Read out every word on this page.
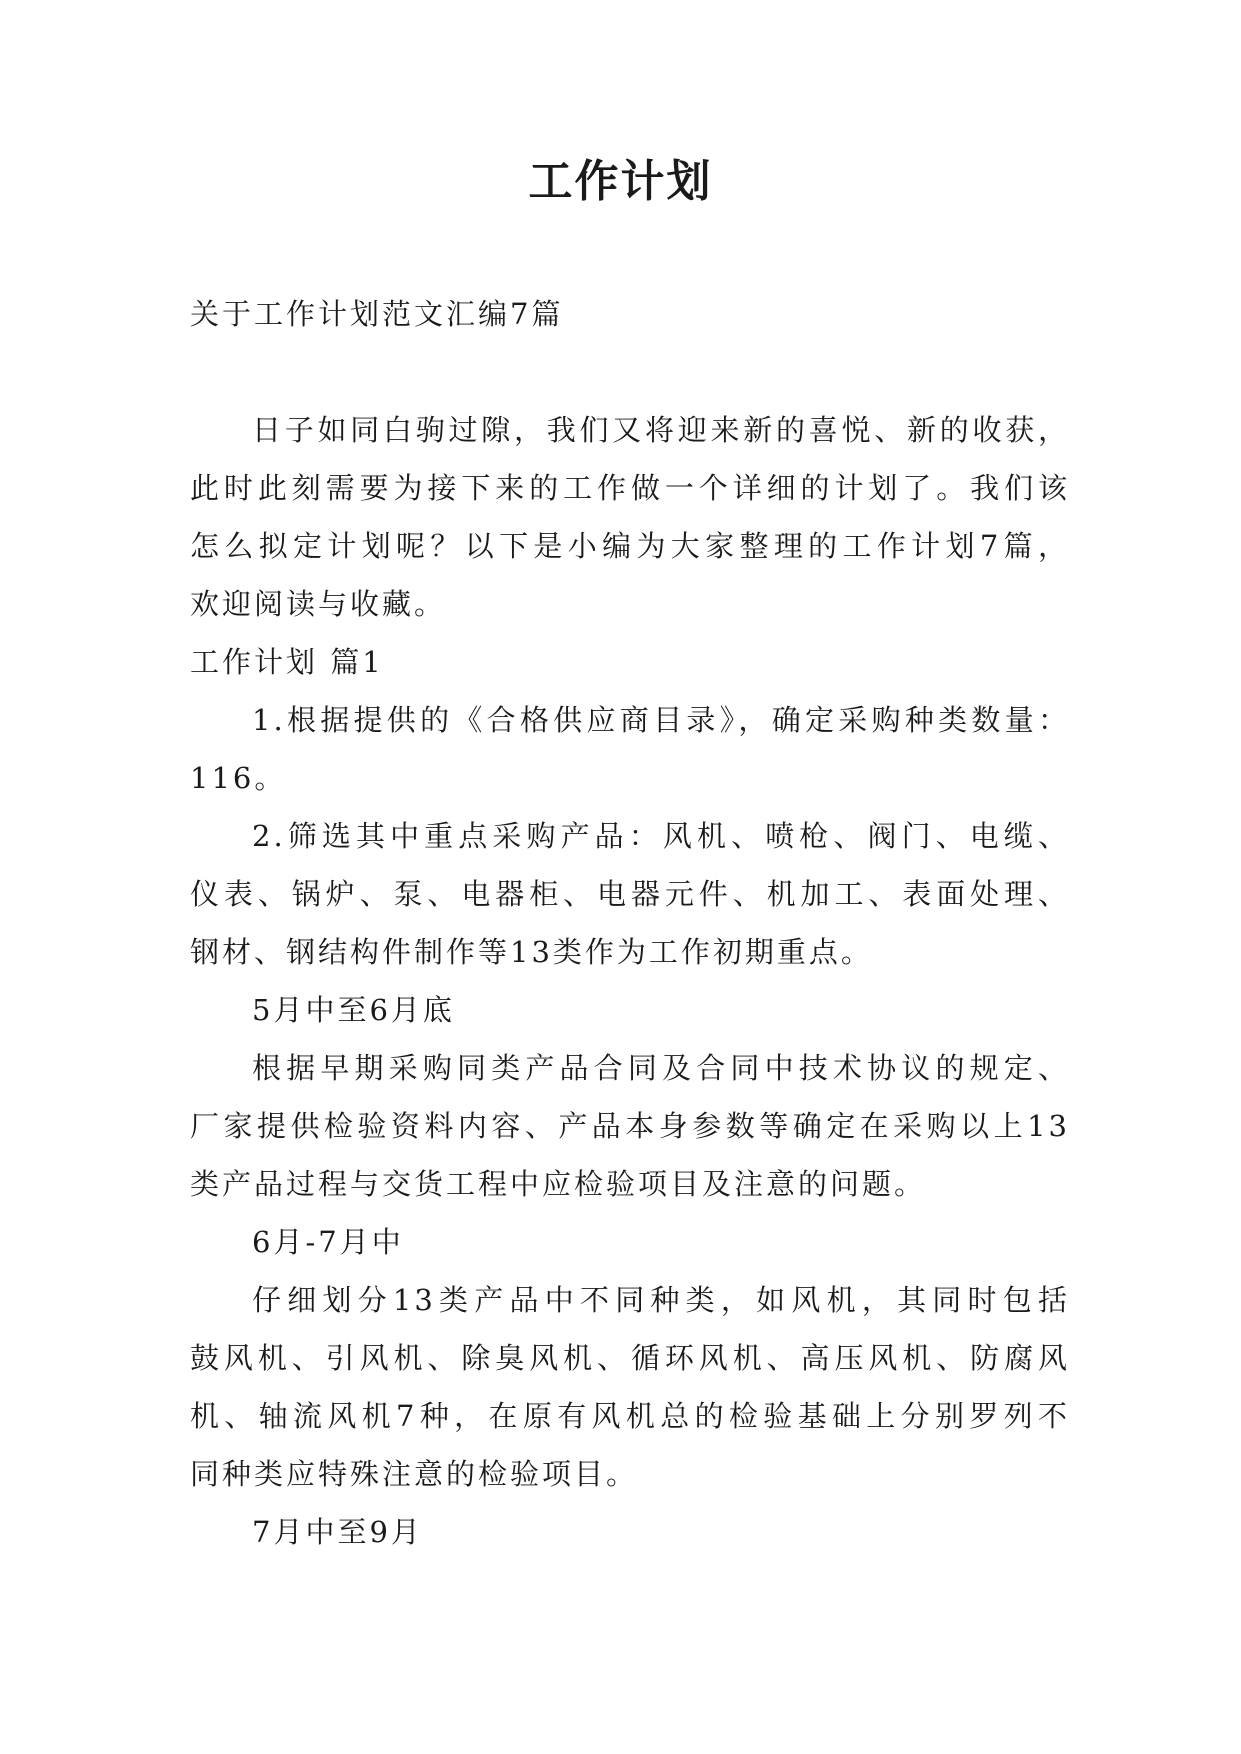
工作计划
关于工作计划范文汇编7篇
日子如同白驹过隙，我们又将迎来新的喜悦、新的收获，
此时此刻需要为接下来的工作做一个详细的计划了。我们该
怎么拟定计划呢？以下是小编为大家整理的工作计划7篇，
欢迎阅读与收藏。
工作计划 篇1
1.根据提供的《合格供应商目录》，确定采购种类数量：
116。
2.筛选其中重点采购产品：风机、喷枪、阀门、电缆、
仪表、锅炉、泵、电器柜、电器元件、机加工、表面处理、
钢材、钢结构件制作等13类作为工作初期重点。
5月中至6月底
根据早期采购同类产品合同及合同中技术协议的规定、
厂家提供检验资料内容、产品本身参数等确定在采购以上13
类产品过程与交货工程中应检验项目及注意的问题。
6月-7月中
仔细划分13类产品中不同种类，如风机，其同时包括
鼓风机、引风机、除臭风机、循环风机、高压风机、防腐风
机、轴流风机7种，在原有风机总的检验基础上分别罗列不
同种类应特殊注意的检验项目。
7月中至9月
